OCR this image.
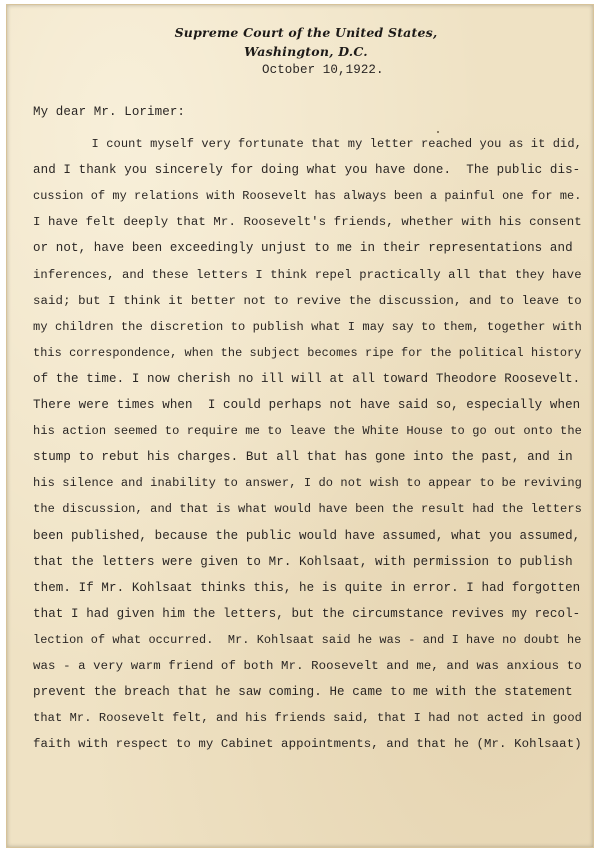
Supreme Court of the United States,
Washington, D.C.
October 10,1922.
My dear Mr. Lorimer:
I count myself very fortunate that my letter reached you as it did,
and I thank you sincerely for doing what you have done.  The public dis-
cussion of my relations with Roosevelt has always been a painful one for me.
I have felt deeply that Mr. Roosevelt's friends, whether with his consent
or not, have been exceedingly unjust to me in their representations and
inferences, and these letters I think repel practically all that they have
said; but I think it better not to revive the discussion, and to leave to
my children the discretion to publish what I may say to them, together with
this correspondence, when the subject becomes ripe for the political history
of the time. I now cherish no ill will at all toward Theodore Roosevelt.
There were times when  I could perhaps not have said so, especially when
his action seemed to require me to leave the White House to go out onto the
stump to rebut his charges. But all that has gone into the past, and in
his silence and inability to answer, I do not wish to appear to be reviving
the discussion, and that is what would have been the result had the letters
been published, because the public would have assumed, what you assumed,
that the letters were given to Mr. Kohlsaat, with permission to publish
them. If Mr. Kohlsaat thinks this, he is quite in error. I had forgotten
that I had given him the letters, but the circumstance revives my recol-
lection of what occurred.  Mr. Kohlsaat said he was - and I have no doubt he
was - a very warm friend of both Mr. Roosevelt and me, and was anxious to
prevent the breach that he saw coming. He came to me with the statement
that Mr. Roosevelt felt, and his friends said, that I had not acted in good
faith with respect to my Cabinet appointments, and that he (Mr. Kohlsaat)
